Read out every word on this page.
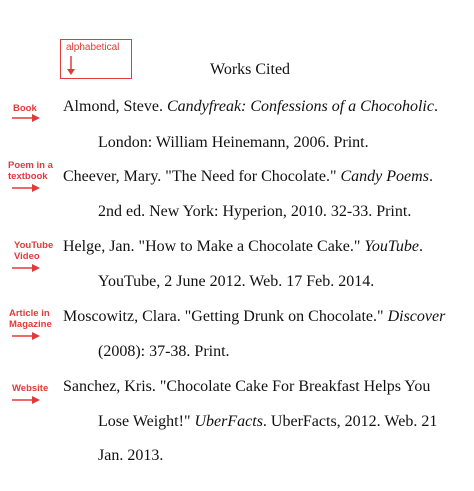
alphabetical
Works Cited
Book Almond, Steve. Candyfreak: Confessions of a Chocoholic.
London: William Heinemann, 2006. Print.
Poem in a
textbook Cheever, Mary. "The Need for Chocolate." Candy Poems.
2nd ed. New York: Hyperion, 2010. 32-33. Print.
YouTube
Video
Helge, Jan. "How to Make a Chocolate Cake." YouTube.
YouTube, 2 June 2012. Web. 17 Feb. 2014.
Article in
Magazine Moscowitz, Clara. "Getting Drunk on Chocolate." Discover
(2008): 37-38. Print.
Website Sanchez, Kris. "Chocolate Cake For Breakfast Helps You
Lose Weight!" UberFacts. UberFacts, 2012. Web. 21
Jan. 2013.
